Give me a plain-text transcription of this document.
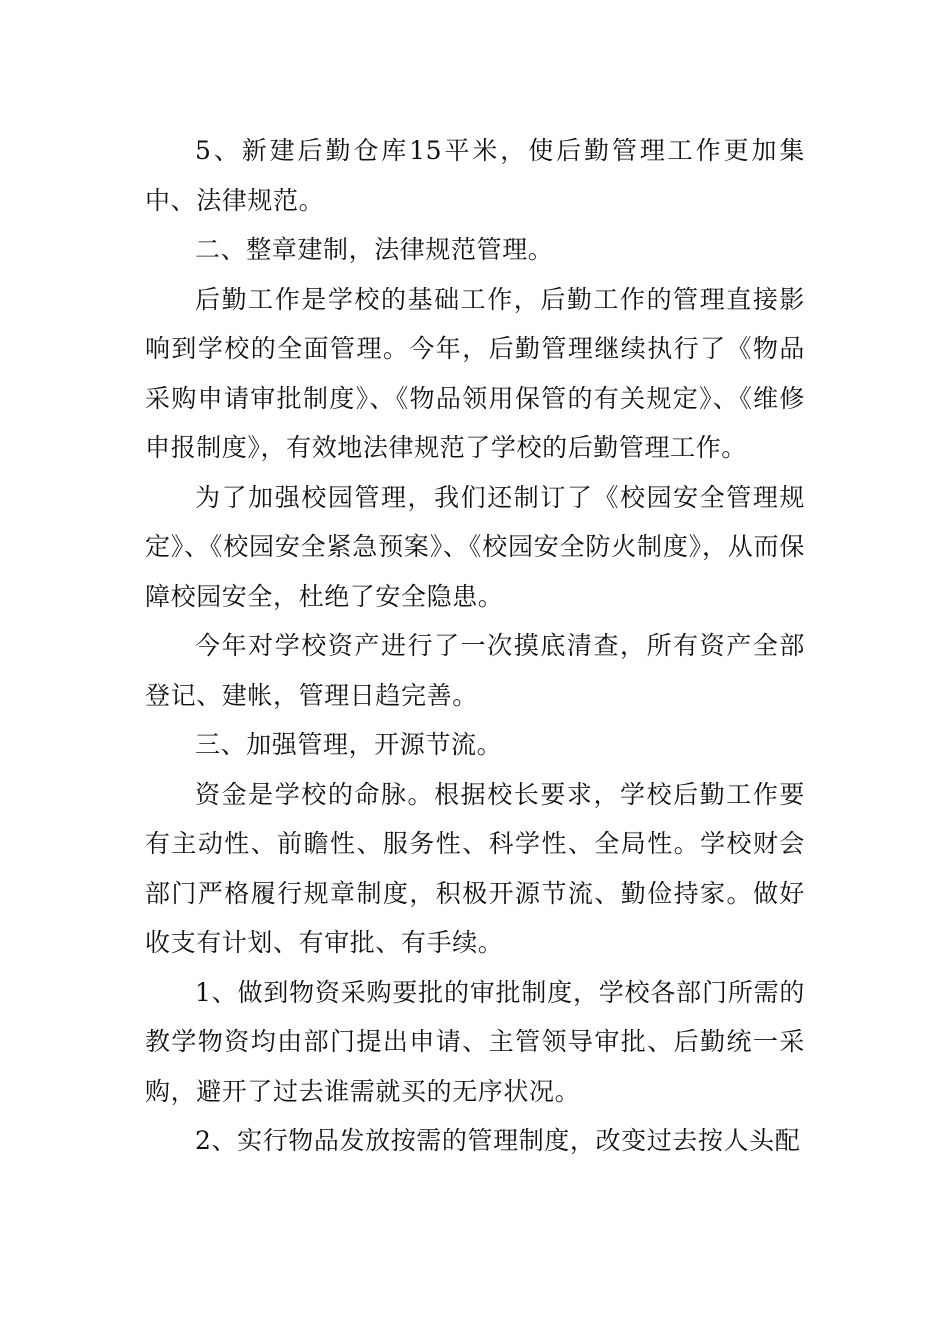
5、新建后勤仓库15平米，使后勤管理工作更加集中、法律规范。

二、整章建制，法律规范管理。

后勤工作是学校的基础工作，后勤工作的管理直接影响到学校的全面管理。今年，后勤管理继续执行了《物品采购申请审批制度》、《物品领用保管的有关规定》、《维修申报制度》，有效地法律规范了学校的后勤管理工作。

为了加强校园管理，我们还制订了《校园安全管理规定》、《校园安全紧急预案》、《校园安全防火制度》，从而保障校园安全，杜绝了安全隐患。

今年对学校资产进行了一次摸底清查，所有资产全部登记、建帐，管理日趋完善。

三、加强管理，开源节流。

资金是学校的命脉。根据校长要求，学校后勤工作要有主动性、前瞻性、服务性、科学性、全局性。学校财会部门严格履行规章制度，积极开源节流、勤俭持家。做好收支有计划、有审批、有手续。

1、做到物资采购要批的审批制度，学校各部门所需的教学物资均由部门提出申请、主管领导审批、后勤统一采购，避开了过去谁需就买的无序状况。

2、实行物品发放按需的管理制度，改变过去按人头配
